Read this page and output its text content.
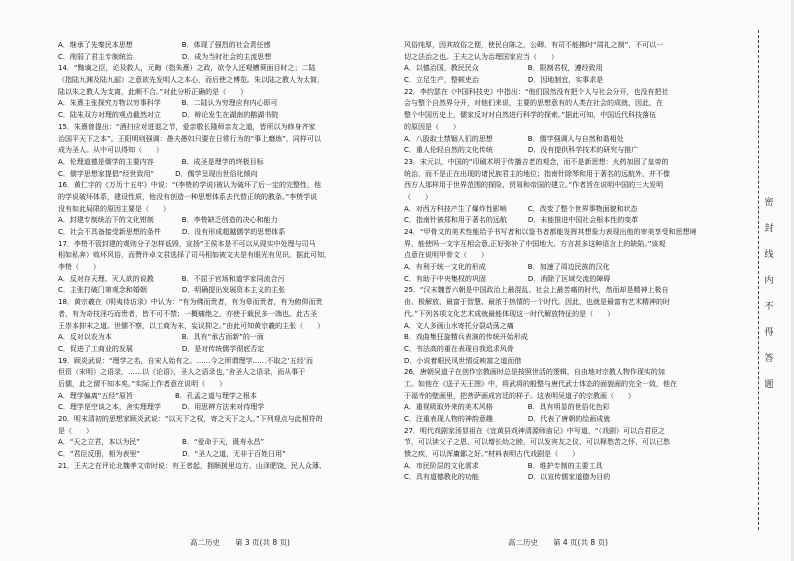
A．继承了先秦民本思想　　　　　　　B．体现了强烈的社会责任感
C．削弱了君主专制统治　　　　　　　D．成为当时社会的主流思想
14．“黜谪之臣，论及救人，元晦（指朱熹）之政，欲令人还观槽葵面目时之；二陆
（指陆九渊及陆九韶）之意欲先发明人之本心，而后使之博览。朱以陆之教人为太简，
陆以朱之教人为支离，此颇不合。”对此分析正确的是（　　）
A．朱熹主张探究万物以穷事科学　　　B．二陆认为穷理应有内心即可
C．陆朱双方对理的观点截然对立　　　D．辩论发生在湖南的鹅湖书院
15．朱熹曾提出：“酒扫应对进退之节，爱亲敬长隆师亲友之道，皆所以为修身齐家
治国平天下之本”。王阳明则强调：愚夫愚妇只要在日常行为的“事上磨练”，同样可以
成为圣人。从中可以得知（　　）
A．伦理道德是儒学的主要内容　　　　B．成圣是理学的终极目标
C．儒学思想家提倡“经世致用”　　　D．儒学呈现出世俗化倾向
16．黄仁宇的《万历十五年》中说：“(李贽的学说)被认为破坏了后一定的完整性，他
的学说破坏体系，建设性质，他没有创造一种思想体系去代替正统的教条。”李贽学说
没有如此局限的原因主要是（　　）
A．封建专制统治下的文化钳制　　　　B．李贽缺乏创造的决心和能力
C．社会不具备接受新思想的条件　　　D．没有形成超越儒学的思想体系
17．李贽不管封建的观则分子怎样诋毁，宣扬“王侯本是不可以从现实中处理与司马
相如私奔）败坏风俗，而赞许卓文君选择了司马相如被文夫是有眼光有见识。据此可知，
李贽（　　）
A．反对存天理、灭人欲的说教　　　　B．不屈于官场和道学家同流合污
C．主张打破门第观念和婚姻　　　　　D．明确提出发展资本主义的主张
18．黄宗羲在《明夷待访录》中认为：“有为佛而贵者，有为皋而贵者，有为俯仰而贵
者，有为奇技淫巧而贵者，皆不可不禁；一概痛绝之，亦使于载民多一端也。此古圣
王崇本抑末之道。世儒不察，以工商为末，妄议抑之。”由此可知黄宗羲的主张（　　）
A．反对以农为本　　　　　　　　　　B．具有“承古而新”的一面
C．促进了工商业的发展　　　　　　　D．是对传统儒学彻底否定
19．顾炎武说：“理学之名，自宋人始有之。……今之所谓理学……不取之‘五经’而
但资（宋明）之语录，……以《论语》，圣人之语录也，’舍圣人之语录，而从事于
后儒，此之谓不知本矣。”实际上作者意在说明（　　）
A．理学偏离“五经”原旨　　　　　　B．孔孟之道与理学之根本
C．理学是空谈之本，舍实理理学　　　D．用思辨方法来对待理学
20．明末清初的思想家顾炎武说：“以天下之权，寄之天下之人。”下列观点与此相符的
是（　　）
A．“天之立君，本以为民”　　　　　　B．“爱命于天，既寿永昌”
C．“君臣反册，相为表里”　　　　　　D．“圣人之道，无非于百姓日用”
21．王夫之在评论北魏孝文帝时说：有王者起，拥顺援里边方、山泽肥饶、民人众薄、
风俗纯厚，因其故俗之便，使民自陈之，公卿、有司不能拂时“周礼之制”，不可以一
切之法治之也。王夫之认为治理国家应当（　　）
A．以德治国，教民民众　　　　　　　B．限制君权，遵经致用
C．立足生产，整顿吏治　　　　　　　D．因地制宜，实事求是
22．李约瑟在《中国科技史》中指出：“他们国然没有把个人与社会分开，也没有把社
会与整个自然界分开，对他们来说，主要的思想意有的人类在社会的成就，因此，在
整个中国历史上，儒家反对对自然进行科学的探索。”据此可知，中国近代科技落伍
的原因是（　　）
A．八股取士禁锢人们的思想　　　　　B．儒学强调人与自然和谐相处
C．重人伦轻自然的文化传统　　　　　D．没有提供科学技术的研究与推广
23．宋元以，中国的“印刷术明于传播吉老的观念，而不是新思想：火药加固了皇帝的
统治，而不是正在出现的诸民族君主的地位；指南针除琴和用于著名的远航外，并不像
西方人那样用于世界范围的探险、贸易和帝国的建立。”作者旨在说明中国的三大发明
（　　）
A．对西方科技产生了爆炸性影响　　　C．改变了整个世界事物面貌和状态
C．指南针被郑和用于著名的远航　　　D．未能推进中国社会根本性的变革
24．“甲骨文的美术性能给予书写者和以鉴书者都能发挥其想象力表现出他的审美享受和思想境
界，能使吗一文字互相会意,正好弥补了中国地大、方言甚多这种语言上的缺陷。”该观
点意在说明甲骨文（　　）
A．有利于统一文化的形成　　　　　　B．加速了周边民族的汉化
C．有助于中央集权的巩固　　　　　　D．消除了区域交流的障碍
25．“汉末魏晋六朝是中国政治上最混乱、社会上最苦痛的时代，然而却是精神上极自
由、极解放、最富于智慧、最浓于热情的一个时代。因此，也就是最富有艺术精神的时
代。”下列各项文化艺术成就最能体现这一时代解放特征的是（　　）
A．文人多画山水寄托分裂动荡之痛
B．戏曲集狂旋精兵表演的传统开始形成
C．书法高的重在表现自我追求风骨
D．小说着眼民风世情反映富之道而借
26．唐朝吴道子在创作宗教画时总是按照世活的逻辑，自由地对宗教人物作现实的加
工。如他在《送子天王图》中，将武将的般整与唐代武士体态的面貌画的完全一致，他在
于福寺的壁画里，把菩萨画成宫廷的样子。这表明吴道子的宗教画（　　）
A．重视吸取外来的美术风格　　　　　B．具有明显的世俗化色彩
C．注重表现人物的神韵意趣　　　　　D．代表了唐朝的绘画成就
27．明代戏剧家汤显祖在《宜黄县戏神清源师庙记》中写道，“（戏剧）可以合君臣之
节，可以读父子之恩，可以增长幼之睦，可以发宾友之仪，可以释愁苦之怀，可以已愁
愦之疾，可以浑庸鄙之好。”材料表明古代戏剧是（　　）
A．市民阶层的文化需求　　　　　　　B．维护专制的主要工具
C．具有道德教化的功能　　　　　　　D．以宣传儒家道德为目的
高二历史　　第 3 页(共 8 页)	高二历史　　第 4 页(共 8 页)
密
封
线
内
不
得
答
题
